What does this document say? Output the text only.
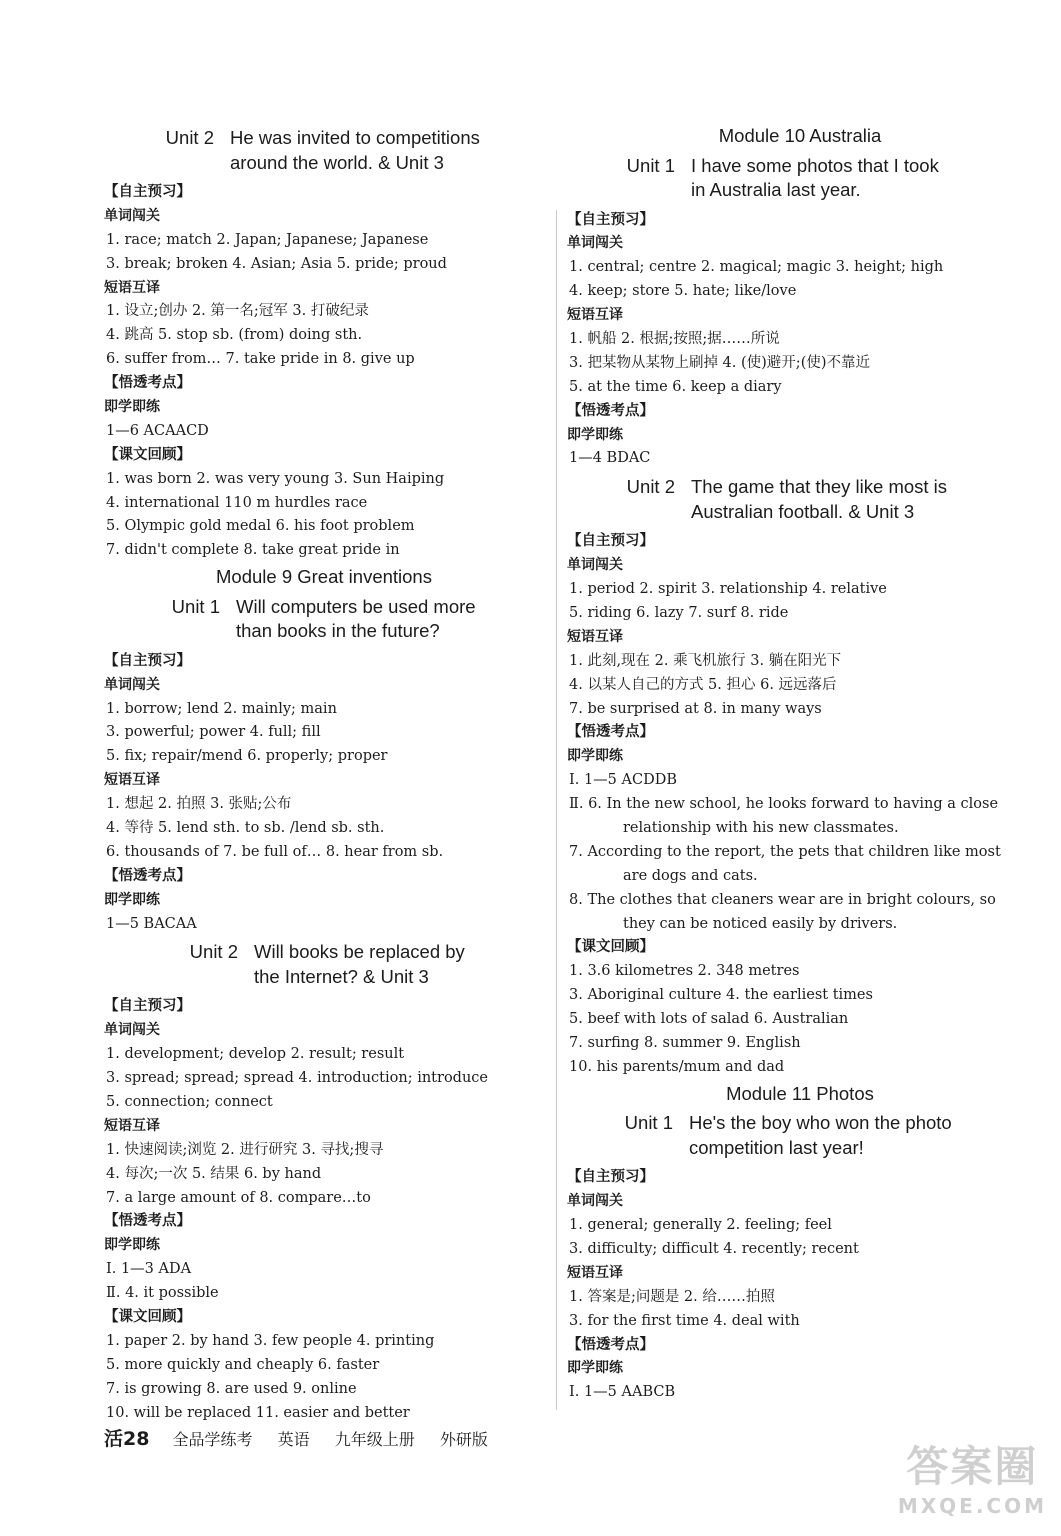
Unit 2 He was invited to competitions
around the world. & Unit 3
【自主预习】
单词闯关
1. race; match 2. Japan; Japanese; Japanese
3. break; broken 4. Asian; Asia 5. pride; proud
短语互译
1. 设立;创办 2. 第一名;冠军 3. 打破纪录
4. 跳高 5. stop sb. (from) doing sth.
6. suffer from… 7. take pride in 8. give up
【悟透考点】
即学即练
1—6 ACAACD
【课文回顾】
1. was born 2. was very young 3. Sun Haiping
4. international 110 m hurdles race
5. Olympic gold medal 6. his foot problem
7. didn't complete 8. take great pride in
Module 9 Great inventions
Unit 1 Will computers be used more
than books in the future?
【自主预习】
单词闯关
1. borrow; lend 2. mainly; main
3. powerful; power 4. full; fill
5. fix; repair/mend 6. properly; proper
短语互译
1. 想起 2. 拍照 3. 张贴;公布
4. 等待 5. lend sth. to sb. /lend sb. sth.
6. thousands of 7. be full of… 8. hear from sb.
【悟透考点】
即学即练
1—5 BACAA
Unit 2 Will books be replaced by
the Internet? & Unit 3
【自主预习】
单词闯关
1. development; develop 2. result; result
3. spread; spread; spread 4. introduction; introduce
5. connection; connect
短语互译
1. 快速阅读;浏览 2. 进行研究 3. 寻找;搜寻
4. 每次;一次 5. 结果 6. by hand
7. a large amount of 8. compare…to
【悟透考点】
即学即练
Ⅰ. 1—3 ADA
Ⅱ. 4. it possible
【课文回顾】
1. paper 2. by hand 3. few people 4. printing
5. more quickly and cheaply 6. faster
7. is growing 8. are used 9. online
10. will be replaced 11. easier and better
Module 10 Australia
Unit 1 I have some photos that I took
in Australia last year.
【自主预习】
单词闯关
1. central; centre 2. magical; magic 3. height; high
4. keep; store 5. hate; like/love
短语互译
1. 帆船 2. 根据;按照;据……所说
3. 把某物从某物上刷掉 4. (使)避开;(使)不靠近
5. at the time 6. keep a diary
【悟透考点】
即学即练
1—4 BDAC
Unit 2 The game that they like most is
Australian football. & Unit 3
【自主预习】
单词闯关
1. period 2. spirit 3. relationship 4. relative
5. riding 6. lazy 7. surf 8. ride
短语互译
1. 此刻,现在 2. 乘飞机旅行 3. 躺在阳光下
4. 以某人自己的方式 5. 担心 6. 远远落后
7. be surprised at 8. in many ways
【悟透考点】
即学即练
Ⅰ. 1—5 ACDDB
Ⅱ. 6. In the new school, he looks forward to having a close
relationship with his new classmates.
7. According to the report, the pets that children like most
are dogs and cats.
8. The clothes that cleaners wear are in bright colours, so
they can be noticed easily by drivers.
【课文回顾】
1. 3.6 kilometres 2. 348 metres
3. Aboriginal culture 4. the earliest times
5. beef with lots of salad 6. Australian
7. surfing 8. summer 9. English
10. his parents/mum and dad
Module 11 Photos
Unit 1 He's the boy who won the photo
competition last year!
【自主预习】
单词闯关
1. general; generally 2. feeling; feel
3. difficulty; difficult 4. recently; recent
短语互译
1. 答案是;问题是 2. 给……拍照
3. for the first time 4. deal with
【悟透考点】
即学即练
Ⅰ. 1—5 AABCB
活28 全品学练考 英语 九年级上册 外研版
答案圈
MXQE.COM
